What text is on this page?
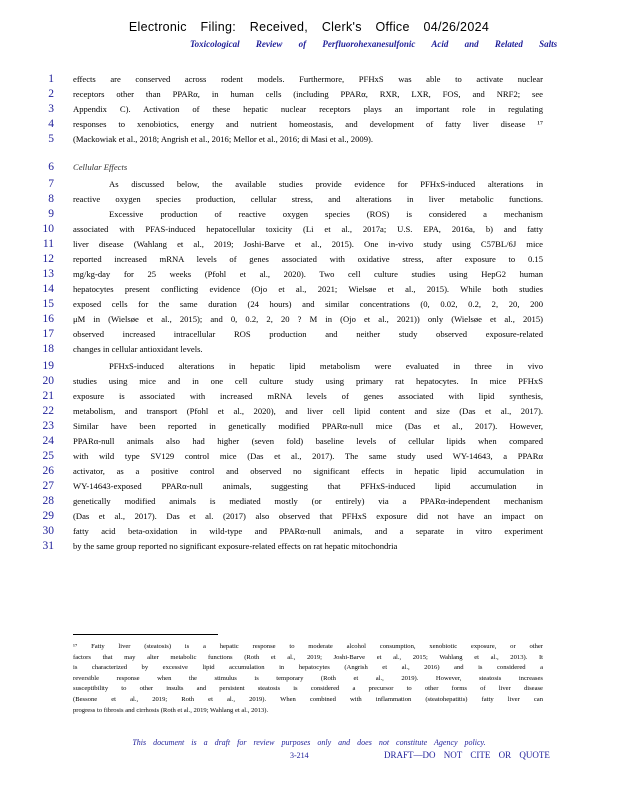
Electronic Filing: Received, Clerk's Office 04/26/2024
Toxicological Review of Perfluorohexanesulfonic Acid and Related Salts
1 effects are conserved across rodent models. Furthermore, PFHxS was able to activate nuclear
2 receptors other than PPARα, in human cells (including PPARα, RXR, LXR, FOS, and NRF2; see
3 Appendix C). Activation of these hepatic nuclear receptors plays an important role in regulating
4 responses to xenobiotics, energy and nutrient homeostasis, and development of fatty liver disease ¹⁷
5 (Mackowiak et al., 2018; Angrish et al., 2016; Mellor et al., 2016; di Masi et al., 2009).
6 Cellular Effects
7	As discussed below, the available studies provide evidence for PFHxS-induced alterations in
8 reactive oxygen species production, cellular stress, and alterations in liver metabolic functions.
9	Excessive production of reactive oxygen species (ROS) is considered a mechanism
10 associated with PFAS-induced hepatocellular toxicity (Li et al., 2017a; U.S. EPA, 2016a, b) and fatty
11 liver disease (Wahlang et al., 2019; Joshi-Barve et al., 2015). One in-vivo study using C57BL/6J mice
12 reported increased mRNA levels of genes associated with oxidative stress, after exposure to 0.15
13 mg/kg-day for 25 weeks (Pfohl et al., 2020). Two cell culture studies using HepG2 human
14 hepatocytes present conflicting evidence (Ojo et al., 2021; Wielsøe et al., 2015). While both studies
15 exposed cells for the same duration (24 hours) and similar concentrations (0, 0.02, 0.2, 2, 20, 200
16 μM in (Wielsøe et al., 2015); and 0, 0.2, 2, 20 ? M in (Ojo et al., 2021)) only (Wielsøe et al., 2015)
17 observed increased intracellular ROS production and neither study observed exposure-related
18 changes in cellular antioxidant levels.
19	PFHxS-induced alterations in hepatic lipid metabolism were evaluated in three in vivo
20 studies using mice and in one cell culture study using primary rat hepatocytes. In mice PFHxS
21 exposure is associated with increased mRNA levels of genes associated with lipid synthesis,
22 metabolism, and transport (Pfohl et al., 2020), and liver cell lipid content and size (Das et al., 2017).
23 Similar have been reported in genetically modified PPARα-null mice (Das et al., 2017). However,
24 PPARα-null animals also had higher (seven fold) baseline levels of cellular lipids when compared
25 with wild type SV129 control mice (Das et al., 2017). The same study used WY-14643, a PPARα
26 activator, as a positive control and observed no significant effects in hepatic lipid accumulation in
27 WY-14643-exposed PPARα-null animals, suggesting that PFHxS-induced lipid accumulation in
28 genetically modified animals is mediated mostly (or entirely) via a PPARα-independent mechanism
29 (Das et al., 2017). Das et al. (2017) also observed that PFHxS exposure did not have an impact on
30 fatty acid beta-oxidation in wild-type and PPARα-null animals, and a separate in vitro experiment
31 by the same group reported no significant exposure-related effects on rat hepatic mitochondria
¹⁷ Fatty liver (steatosis) is a hepatic response to moderate alcohol consumption, xenobiotic exposure, or other
factors that may alter metabolic functions (Roth et al., 2019; Joshi-Barve et al., 2015; Wahlang et al., 2013). It
is characterized by excessive lipid accumulation in hepatocytes (Angrish et al., 2016) and is considered a
reversible response when the stimulus is temporary (Roth et al., 2019). However, steatosis increases
susceptibility to other insults and persistent steatosis is considered a precursor to other forms of liver disease
(Bessone et al., 2019; Roth et al., 2019). When combined with inflammation (steatohepatitis) fatty liver can
progress to fibrosis and cirrhosis (Roth et al., 2019; Wahlang et al., 2013).
This document is a draft for review purposes only and does not constitute Agency policy.
3-214	DRAFT—DO NOT CITE OR QUOTE
